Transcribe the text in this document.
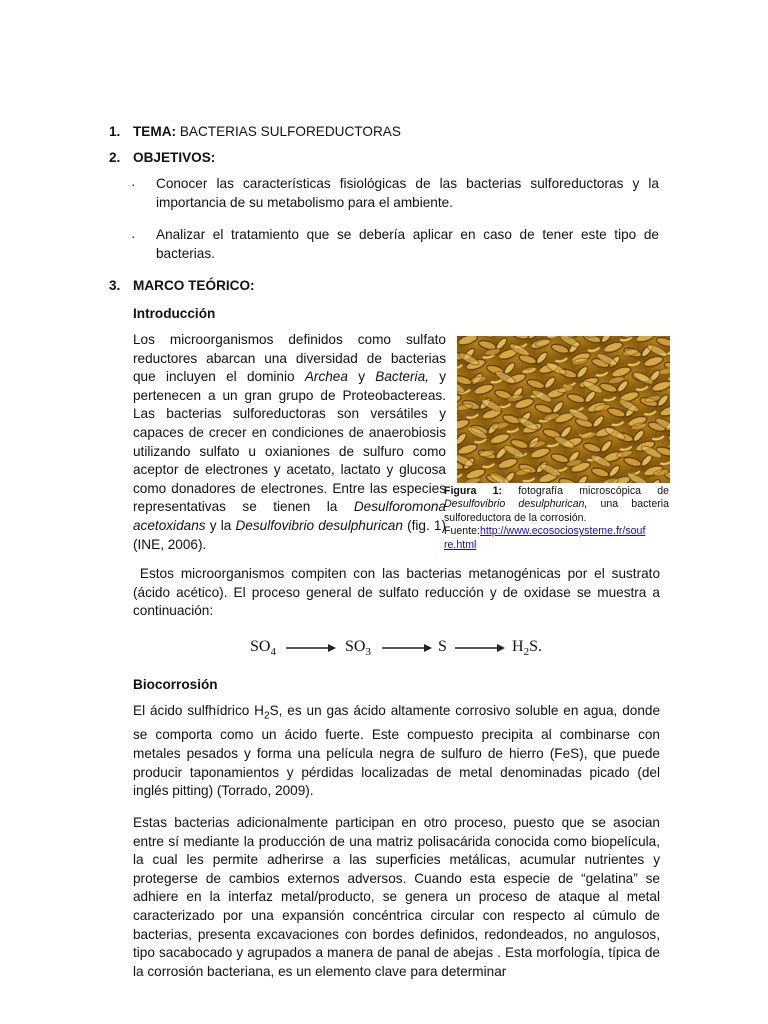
1. TEMA: BACTERIAS SULFOREDUCTORAS
2. OBJETIVOS:
· Conocer las características fisiológicas de las bacterias sulforeductoras y la importancia de su metabolismo para el ambiente.
· Analizar el tratamiento que se debería aplicar en caso de tener este tipo de bacterias.
3. MARCO TEÓRICO:
Introducción
Los microorganismos definidos como sulfato reductores abarcan una diversidad de bacterias que incluyen el dominio Archea y Bacteria, y pertenecen a un gran grupo de Proteobactereas. Las bacterias sulforeductoras son versátiles y capaces de crecer en condiciones de anaerobiosis utilizando sulfato u oxianiones de sulfuro como aceptor de electrones y acetato, lactato y glucosa como donadores de electrones. Entre las especies representativas se tienen la Desulforomona acetoxidans y la Desulfovibrio desulphurican (fig. 1) (INE, 2006).
Figura 1: fotografía microscópica de Desulfovibrio desulphurican, una bacteria sulforeductora de la corrosión.
Fuente:http://www.ecosociosysteme.fr/souf
re.html
Estos microorganismos compiten con las bacterias metanogénicas por el sustrato (ácido acético). El proceso general de sulfato reducción y de oxidase se muestra a continuación:
$SO_4$	$SO_3$	S	$H_2S$.
Biocorrosión
El ácido sulfhídrico $H_2S$, es un gas ácido altamente corrosivo soluble en agua, donde se comporta como un ácido fuerte. Este compuesto precipita al combinarse con metales pesados y forma una película negra de sulfuro de hierro (FeS), que puede producir taponamientos y pérdidas localizadas de metal denominadas picado (del inglés pitting) (Torrado, 2009).
Estas bacterias adicionalmente participan en otro proceso, puesto que se asocian entre sí mediante la producción de una matriz polisacárida conocida como biopelícula, la cual les permite adherirse a las superficies metálicas, acumular nutrientes y protegerse de cambios externos adversos. Cuando esta especie de “gelatina” se adhiere en la interfaz metal/producto, se genera un proceso de ataque al metal caracterizado por una expansión concéntrica circular con respecto al cúmulo de bacterias, presenta excavaciones con bordes definidos, redondeados, no angulosos, tipo sacabocado y agrupados a manera de panal de abejas . Esta morfología, típica de la corrosión bacteriana, es un elemento clave para determinar
